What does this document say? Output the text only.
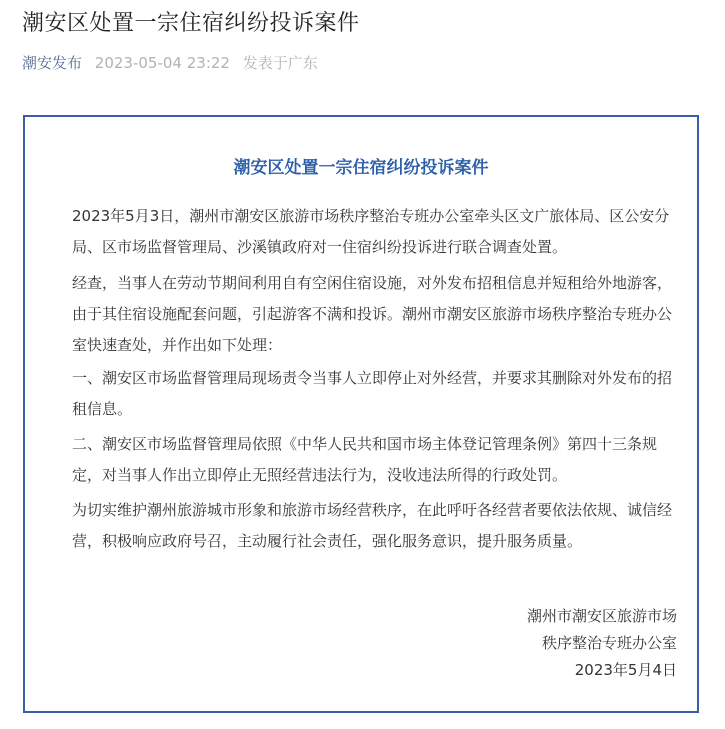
潮安区处置一宗住宿纠纷投诉案件
潮安发布 2023-05-04 23:22 发表于广东
潮安区处置一宗住宿纠纷投诉案件
2023年5月3日，潮州市潮安区旅游市场秩序整治专班办公室牵头区文广旅体局、区公安分局、区市场监督管理局、沙溪镇政府对一住宿纠纷投诉进行联合调查处置。
经查，当事人在劳动节期间利用自有空闲住宿设施，对外发布招租信息并短租给外地游客，由于其住宿设施配套问题，引起游客不满和投诉。潮州市潮安区旅游市场秩序整治专班办公室快速查处，并作出如下处理：
一、潮安区市场监督管理局现场责令当事人立即停止对外经营，并要求其删除对外发布的招租信息。
二、潮安区市场监督管理局依照《中华人民共和国市场主体登记管理条例》第四十三条规定，对当事人作出立即停止无照经营违法行为，没收违法所得的行政处罚。
为切实维护潮州旅游城市形象和旅游市场经营秩序，在此呼吁各经营者要依法依规、诚信经营，积极响应政府号召，主动履行社会责任，强化服务意识，提升服务质量。
潮州市潮安区旅游市场
秩序整治专班办公室
2023年5月4日
